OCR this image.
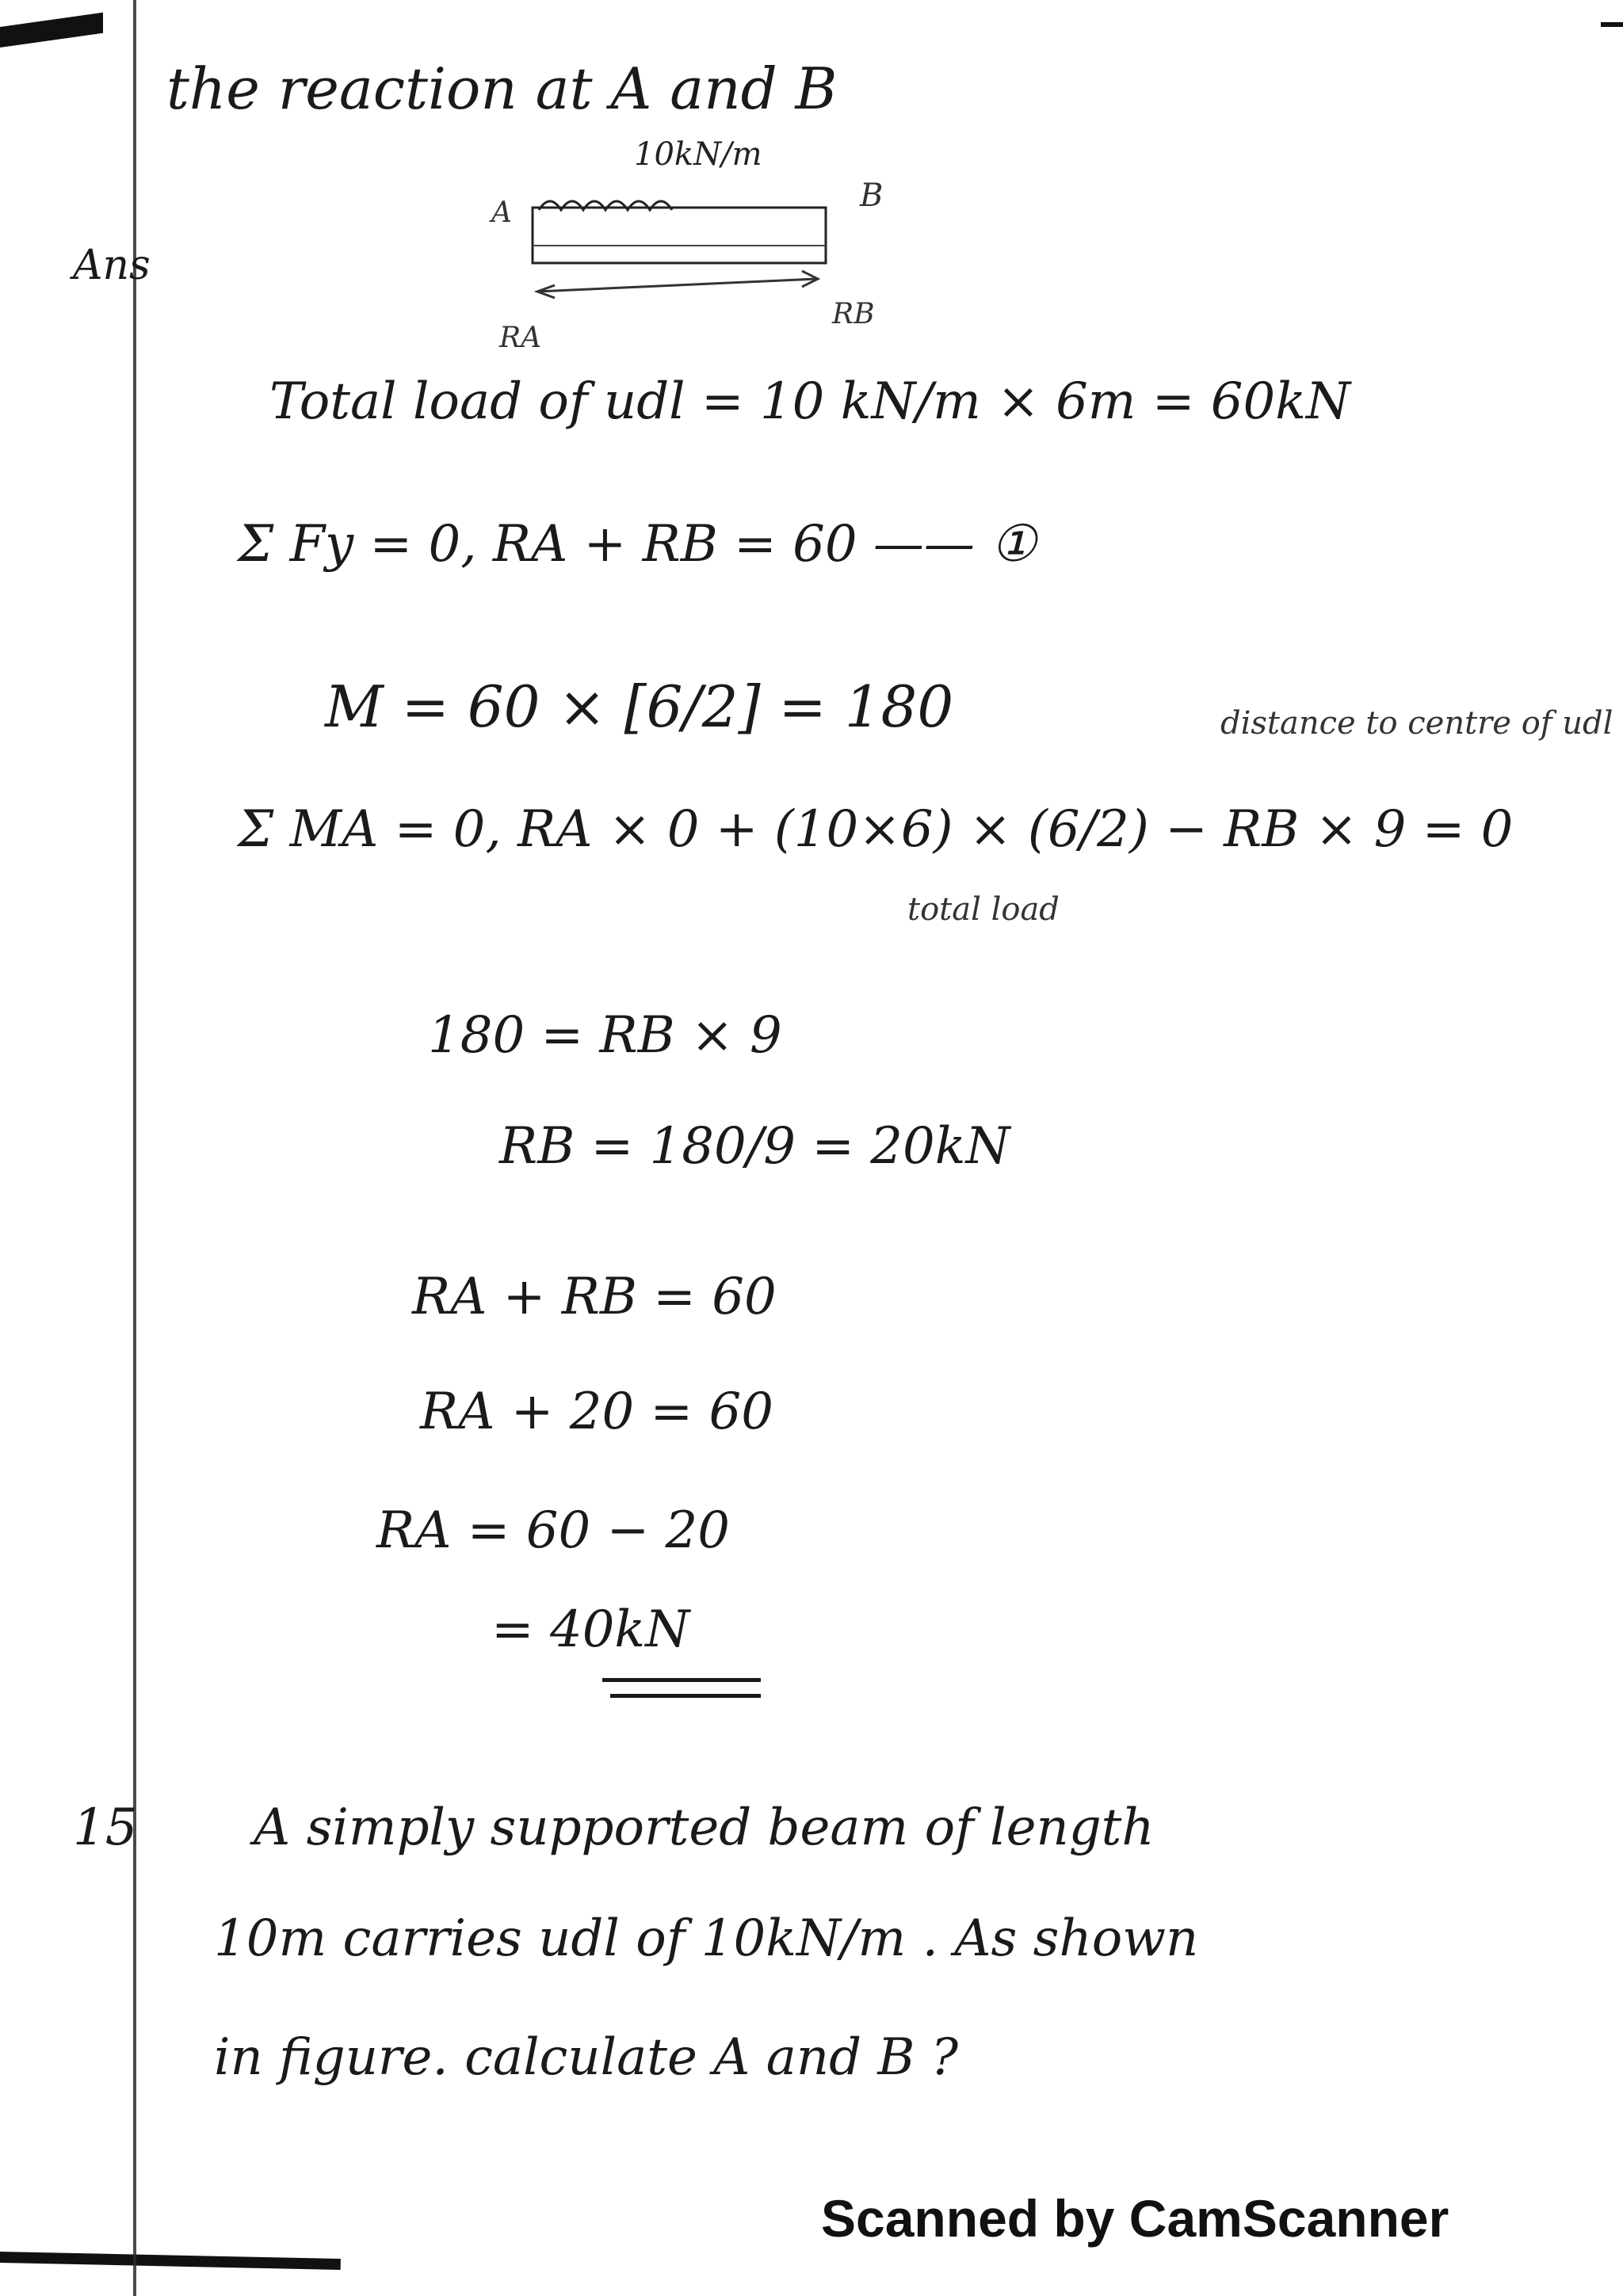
the reaction at A and B
10kN/m
A	B
RA
RB
Ans
Total load of udl = 10 kN/m × 6m = 60kN
Σ Fy = 0, RA + RB = 60 —— ①
M = 60 × [6/2] = 180	distance to centre of udl
Σ MA = 0, RA × 0 + (10×6) × (6/2) − RB × 9 = 0
total load
180 = RB × 9
RB = 180/9 = 20kN
RA + RB = 60
RA + 20 = 60
RA = 60 − 20
= 40kN
15 A simply supported beam of length
10m carries udl of 10kN/m . As shown
in figure. calculate A and B ?
Scanned by CamScanner
